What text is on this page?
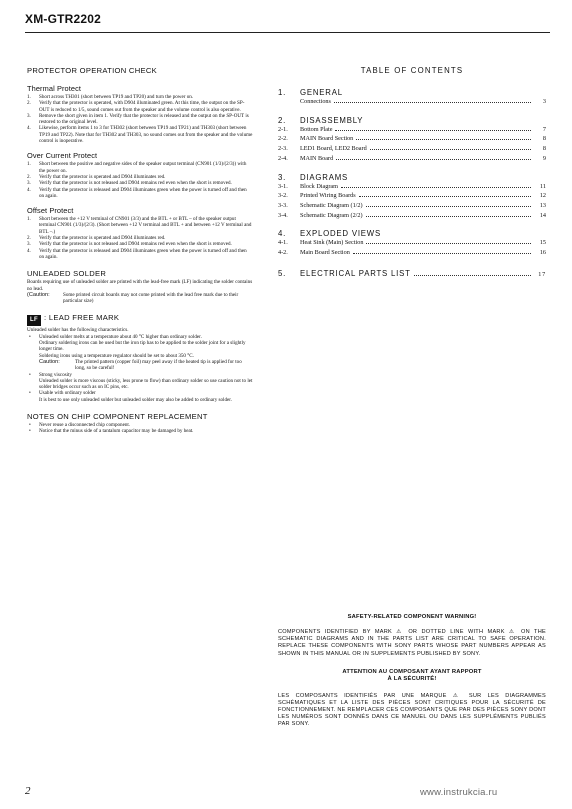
XM-GTR2202
PROTECTOR OPERATION CHECK
Thermal Protect
1. Short across TH301 (short between TP19 and TP20) and turn the power on.
2. Verify that the protector is operated, with D904 illuminated green. At this time, the output on the SP-OUT is reduced to 1/5, sound comes out from the speaker and the volume control is also operative.
3. Remove the short given in item 1. Verify that the protector is released and the output on the SP-OUT is restored to the original level.
4. Likewise, perform items 1 to 3 for TH302 (short between TP19 and TP21) and TH303 (short between TP19 and TP22). Note that for TH302 and TH303, no sound comes out from the speaker and the volume control is inoperative.
Over Current Protect
1. Short between the positive and negative sides of the speaker output terminal (CN901 (1/3)/(2/3)) with the power on.
2. Verify that the protector is operated and D904 illuminates red.
3. Verify that the protector is not released and D904 remains red even when the short is removed.
4. Verify that the protector is released and D904 illuminates green when the power is turned off and then on again.
Offset Protect
1. Short between the +12 V terminal of CN901 (3/3) and the BTL + or BTL – of the speaker output terminal CN901 (1/3)/(2/3). (Short between +12 V terminal and BTL + and between +12 V terminal and BTL –.)
2. Verify that the protector is operated and D904 illuminates red.
3. Verify that the protector is not released and D904 remains red even when the short is removed.
4. Verify that the protector is released and D904 illuminates green when the power is turned off and then on again.
UNLEADED SOLDER
Boards requiring use of unleaded solder are printed with the lead-free mark (LF) indicating the solder contains no lead.
(Caution:	Some printed circuit boards may not come printed with the lead free mark due to their particular size)
LF : LEAD FREE MARK
Unleaded solder has the following characteristics.
• Unleaded solder melts at a temperature about 40 °C higher than ordinary solder.
Ordinary soldering irons can be used but the iron tip has to be applied to the solder joint for a slightly longer time.
Soldering irons using a temperature regulator should be set to about 350 °C.
Caution:	The printed pattern (copper foil) may peel away if the heated tip is applied for too long, so be careful!
• Strong viscosity
Unleaded solder is more viscous (sticky, less prone to flow) than ordinary solder so use caution not to let solder bridges occur such as on IC pins, etc.
• Usable with ordinary solder
It is best to use only unleaded solder but unleaded solder may also be added to ordinary solder.
NOTES ON CHIP COMPONENT REPLACEMENT
• Never reuse a disconnected chip component.
• Notice that the minus side of a tantalum capacitor may be damaged by heat.
TABLE OF CONTENTS
1.	GENERAL
Connections	3
2.	DISASSEMBLY
2-1.	Bottom Plate	7
2-2.	MAIN Board Section	8
2-3.	LED1 Board, LED2 Board	8
2-4.	MAIN Board	9
3.	DIAGRAMS
3-1.	Block Diagram	11
3-2.	Printed Wiring Boards	12
3-3.	Schematic Diagram (1/2)	13
3-4.	Schematic Diagram (2/2)	14
4.	EXPLODED VIEWS
4-1.	Heat Sink (Main) Section	15
4-2.	Main Board Section	16
5.	ELECTRICAL PARTS LIST	17
SAFETY-RELATED COMPONENT WARNING!
COMPONENTS IDENTIFIED BY MARK ⚠ OR DOTTED LINE WITH MARK ⚠ ON THE SCHEMATIC DIAGRAMS AND IN THE PARTS LIST ARE CRITICAL TO SAFE OPERATION. REPLACE THESE COMPONENTS WITH SONY PARTS WHOSE PART NUMBERS APPEAR AS SHOWN IN THIS MANUAL OR IN SUPPLEMENTS PUBLISHED BY SONY.
ATTENTION AU COMPOSANT AYANT RAPPORT
À LA SÉCURITÉ!
LES COMPOSANTS IDENTIFIÉS PAR UNE MARQUE ⚠ SUR LES DIAGRAMMES SCHÉMATIQUES ET LA LISTE DES PIÈCES SONT CRITIQUES POUR LA SÉCURITÉ DE FONCTIONNEMENT. NE REMPLACER CES COMPOSANTS QUE PAR DES PIÈCES SONY DONT LES NUMÉROS SONT DONNÉS DANS CE MANUEL OU DANS LES SUPPLÉMENTS PUBLIÉS PAR SONY.
2	www.instrukcia.ru
